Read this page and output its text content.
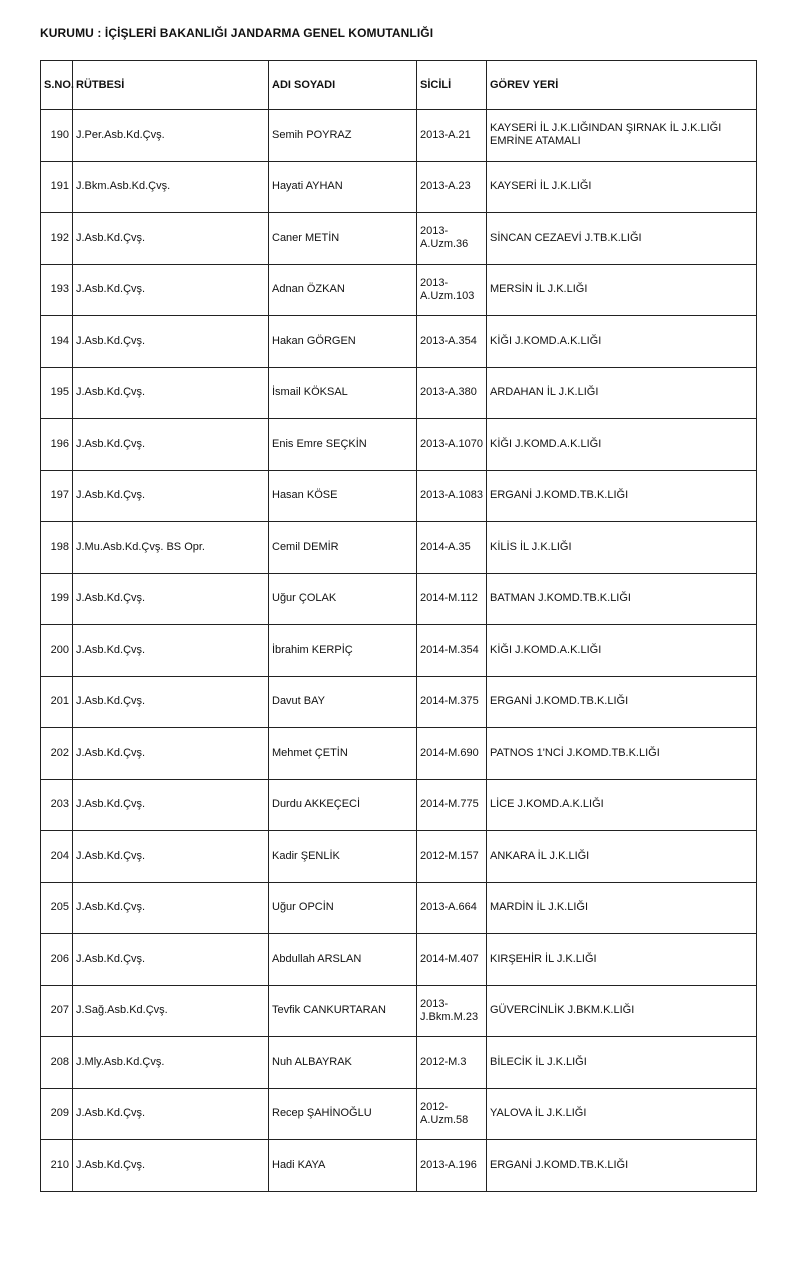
KURUMU : İÇİŞLERİ BAKANLIĞI JANDARMA GENEL KOMUTANLIĞI
S.NO.	RÜTBESİ	ADI SOYADI	SİCİLİ	GÖREV YERİ
190	J.Per.Asb.Kd.Çvş.	Semih POYRAZ	2013-A.21	KAYSERİ İL J.K.LIĞINDAN ŞIRNAK İL J.K.LIĞI EMRİNE ATAMALI
191	J.Bkm.Asb.Kd.Çvş.	Hayati AYHAN	2013-A.23	KAYSERİ İL J.K.LIĞI
192	J.Asb.Kd.Çvş.	Caner METİN	2013-A.Uzm.36	SİNCAN CEZAEVİ J.TB.K.LIĞI
193	J.Asb.Kd.Çvş.	Adnan ÖZKAN	2013-A.Uzm.103	MERSİN İL J.K.LIĞI
194	J.Asb.Kd.Çvş.	Hakan GÖRGEN	2013-A.354	KİĞI J.KOMD.A.K.LIĞI
195	J.Asb.Kd.Çvş.	İsmail KÖKSAL	2013-A.380	ARDAHAN İL J.K.LIĞI
196	J.Asb.Kd.Çvş.	Enis Emre SEÇKİN	2013-A.1070	KİĞI J.KOMD.A.K.LIĞI
197	J.Asb.Kd.Çvş.	Hasan KÖSE	2013-A.1083	ERGANİ J.KOMD.TB.K.LIĞI
198	J.Mu.Asb.Kd.Çvş. BS Opr.	Cemil DEMİR	2014-A.35	KİLİS İL J.K.LIĞI
199	J.Asb.Kd.Çvş.	Uğur ÇOLAK	2014-M.112	BATMAN J.KOMD.TB.K.LIĞI
200	J.Asb.Kd.Çvş.	İbrahim KERPİÇ	2014-M.354	KİĞI J.KOMD.A.K.LIĞI
201	J.Asb.Kd.Çvş.	Davut BAY	2014-M.375	ERGANİ J.KOMD.TB.K.LIĞI
202	J.Asb.Kd.Çvş.	Mehmet ÇETİN	2014-M.690	PATNOS 1'NCİ J.KOMD.TB.K.LIĞI
203	J.Asb.Kd.Çvş.	Durdu AKKEÇECİ	2014-M.775	LİCE J.KOMD.A.K.LIĞI
204	J.Asb.Kd.Çvş.	Kadir ŞENLİK	2012-M.157	ANKARA İL J.K.LIĞI
205	J.Asb.Kd.Çvş.	Uğur OPCİN	2013-A.664	MARDİN İL J.K.LIĞI
206	J.Asb.Kd.Çvş.	Abdullah ARSLAN	2014-M.407	KIRŞEHİR İL J.K.LIĞI
207	J.Sağ.Asb.Kd.Çvş.	Tevfik CANKURTARAN	2013-J.Bkm.M.23	GÜVERCİNLİK J.BKM.K.LIĞI
208	J.Mly.Asb.Kd.Çvş.	Nuh ALBAYRAK	2012-M.3	BİLECİK İL J.K.LIĞI
209	J.Asb.Kd.Çvş.	Recep ŞAHİNOĞLU	2012-A.Uzm.58	YALOVA İL J.K.LIĞI
210	J.Asb.Kd.Çvş.	Hadi KAYA	2013-A.196	ERGANİ J.KOMD.TB.K.LIĞI
